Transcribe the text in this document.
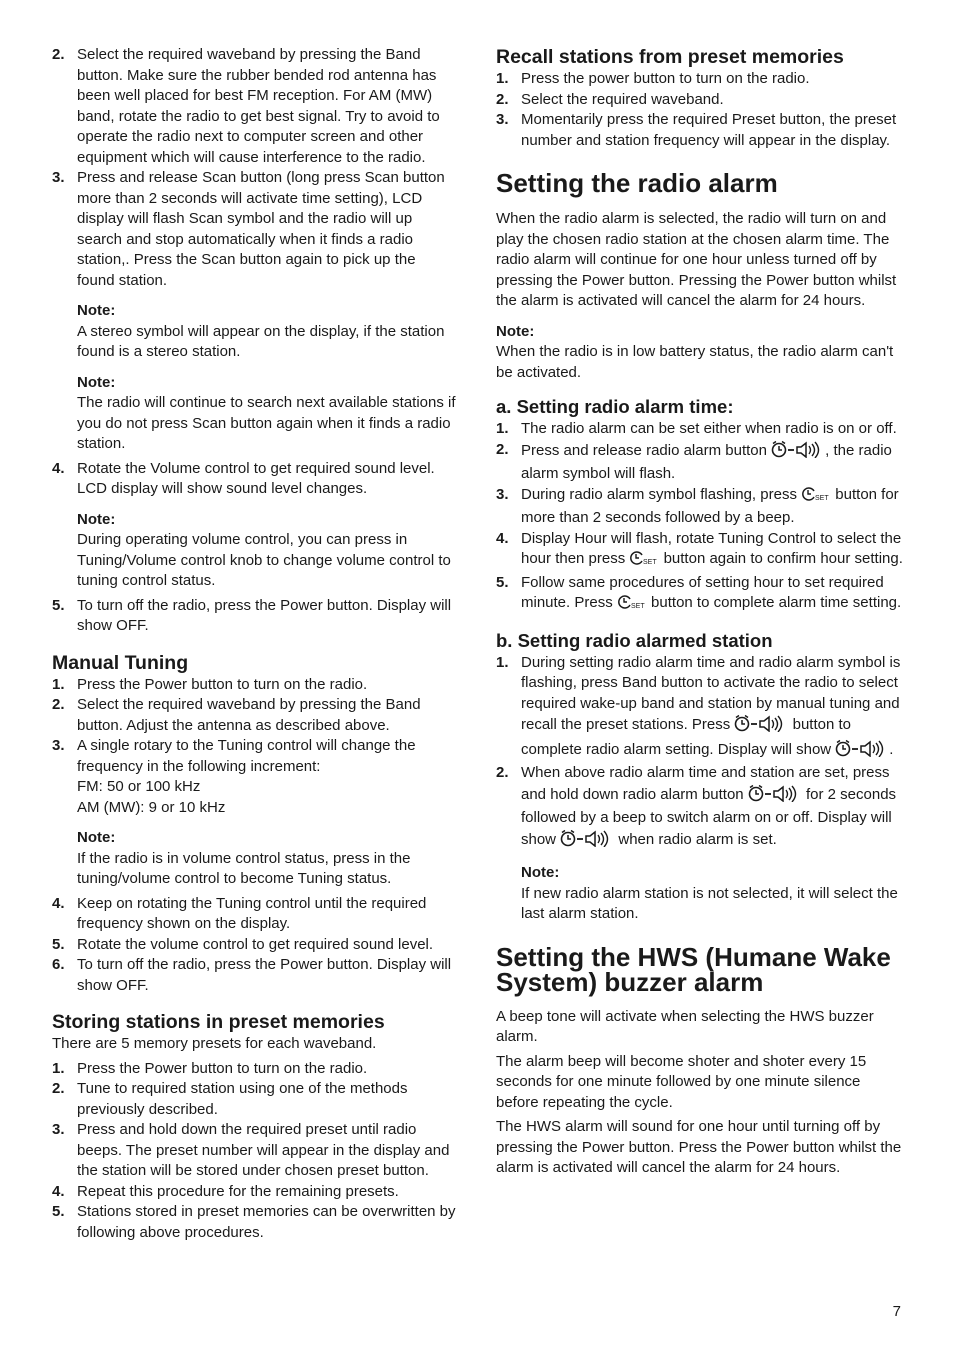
2. Select the required waveband by pressing the Band button. Make sure the rubber bended rod antenna has been well placed for best FM reception. For AM (MW) band, rotate the radio to get best signal. Try to avoid to operate the radio next to computer screen and other equipment which will cause interference to the radio.
3. Press and release Scan button (long press Scan button more than 2 seconds will activate time setting), LCD display will flash Scan symbol and the radio will up search and stop automatically when it finds a radio station,. Press the Scan button again to pick up the found station.
Note:
A stereo symbol will appear on the display, if the station found is a stereo station.
Note:
The radio will continue to search next available stations if you do not press Scan button again when it finds a radio station.
4. Rotate the Volume control to get required sound level. LCD display will show sound level changes.
Note:
During operating volume control, you can press in Tuning/Volume control knob to change volume control to tuning control status.
5. To turn off the radio, press the Power button. Display will show OFF.
Manual Tuning
1. Press the Power button to turn on the radio.
2. Select the required waveband by pressing the Band button. Adjust the antenna as described above.
3. A single rotary to the Tuning control will change the frequency in the following increment:
FM: 50 or 100 kHz
AM (MW): 9 or 10 kHz
Note:
If the radio is in volume control status, press in the tuning/volume control to become Tuning status.
4. Keep on rotating the Tuning control until the required frequency shown on the display.
5. Rotate the volume control to get required sound level.
6. To turn off the radio, press the Power button. Display will show OFF.
Storing stations in preset memories

There are 5 memory presets for each waveband.

1. Press the Power button to turn on the radio.
2. Tune to required station using one of the methods previously described.
3. Press and hold down the required preset until radio beeps. The preset number will appear in the display and the station will be stored under chosen preset button.
4. Repeat this procedure for the remaining presets.
5. Stations stored in preset memories can be overwritten by following above procedures.
Recall stations from preset memories
1. Press the power button to turn on the radio.
2. Select the required waveband.
3. Momentarily press the required Preset button, the preset number and station frequency will appear in the display.
Setting the radio alarm

When the radio alarm is selected, the radio will turn on and play the chosen radio station at the chosen alarm time. The radio alarm will continue for one hour unless turned off by pressing the Power button. Pressing the Power button whilst the alarm is activated will cancel the alarm for 24 hours.

Note:
When the radio is in low battery status, the radio alarm can't be activated.
a. Setting radio alarm time:
1. The radio alarm can be set either when radio is on or off.
2. Press and release radio alarm button	, the radio alarm symbol will flash.
3. During radio alarm symbol flashing, press	SET button for more than 2 seconds followed by a beep.
4. Display Hour will flash, rotate Tuning Control to select the hour then press	SET button again to confirm hour setting.
5. Follow same procedures of setting hour to set required minute. Press	SET button to complete alarm time setting.
b. Setting radio alarmed station
1. During setting radio alarm time and radio alarm symbol is flashing, press Band button to activate the radio to select required wake-up band and station by manual tuning and recall the preset stations. Press	button to complete radio alarm setting. Display will show	.
2. When above radio alarm time and station are set, press and hold down radio alarm button	for 2 seconds followed by a beep to switch alarm on or off. Display will show	when radio alarm is set.
Note:
If new radio alarm station is not selected, it will select the last alarm station.
Setting the HWS (Humane Wake System) buzzer alarm

A beep tone will activate when selecting the HWS buzzer alarm.

The alarm beep will become shoter and shoter every 15 seconds for one minute followed by one minute silence before repeating the cycle.

The HWS alarm will sound for one hour until turning off by pressing the Power button. Press the Power button whilst the alarm is activated will cancel the alarm for 24 hours.

7
